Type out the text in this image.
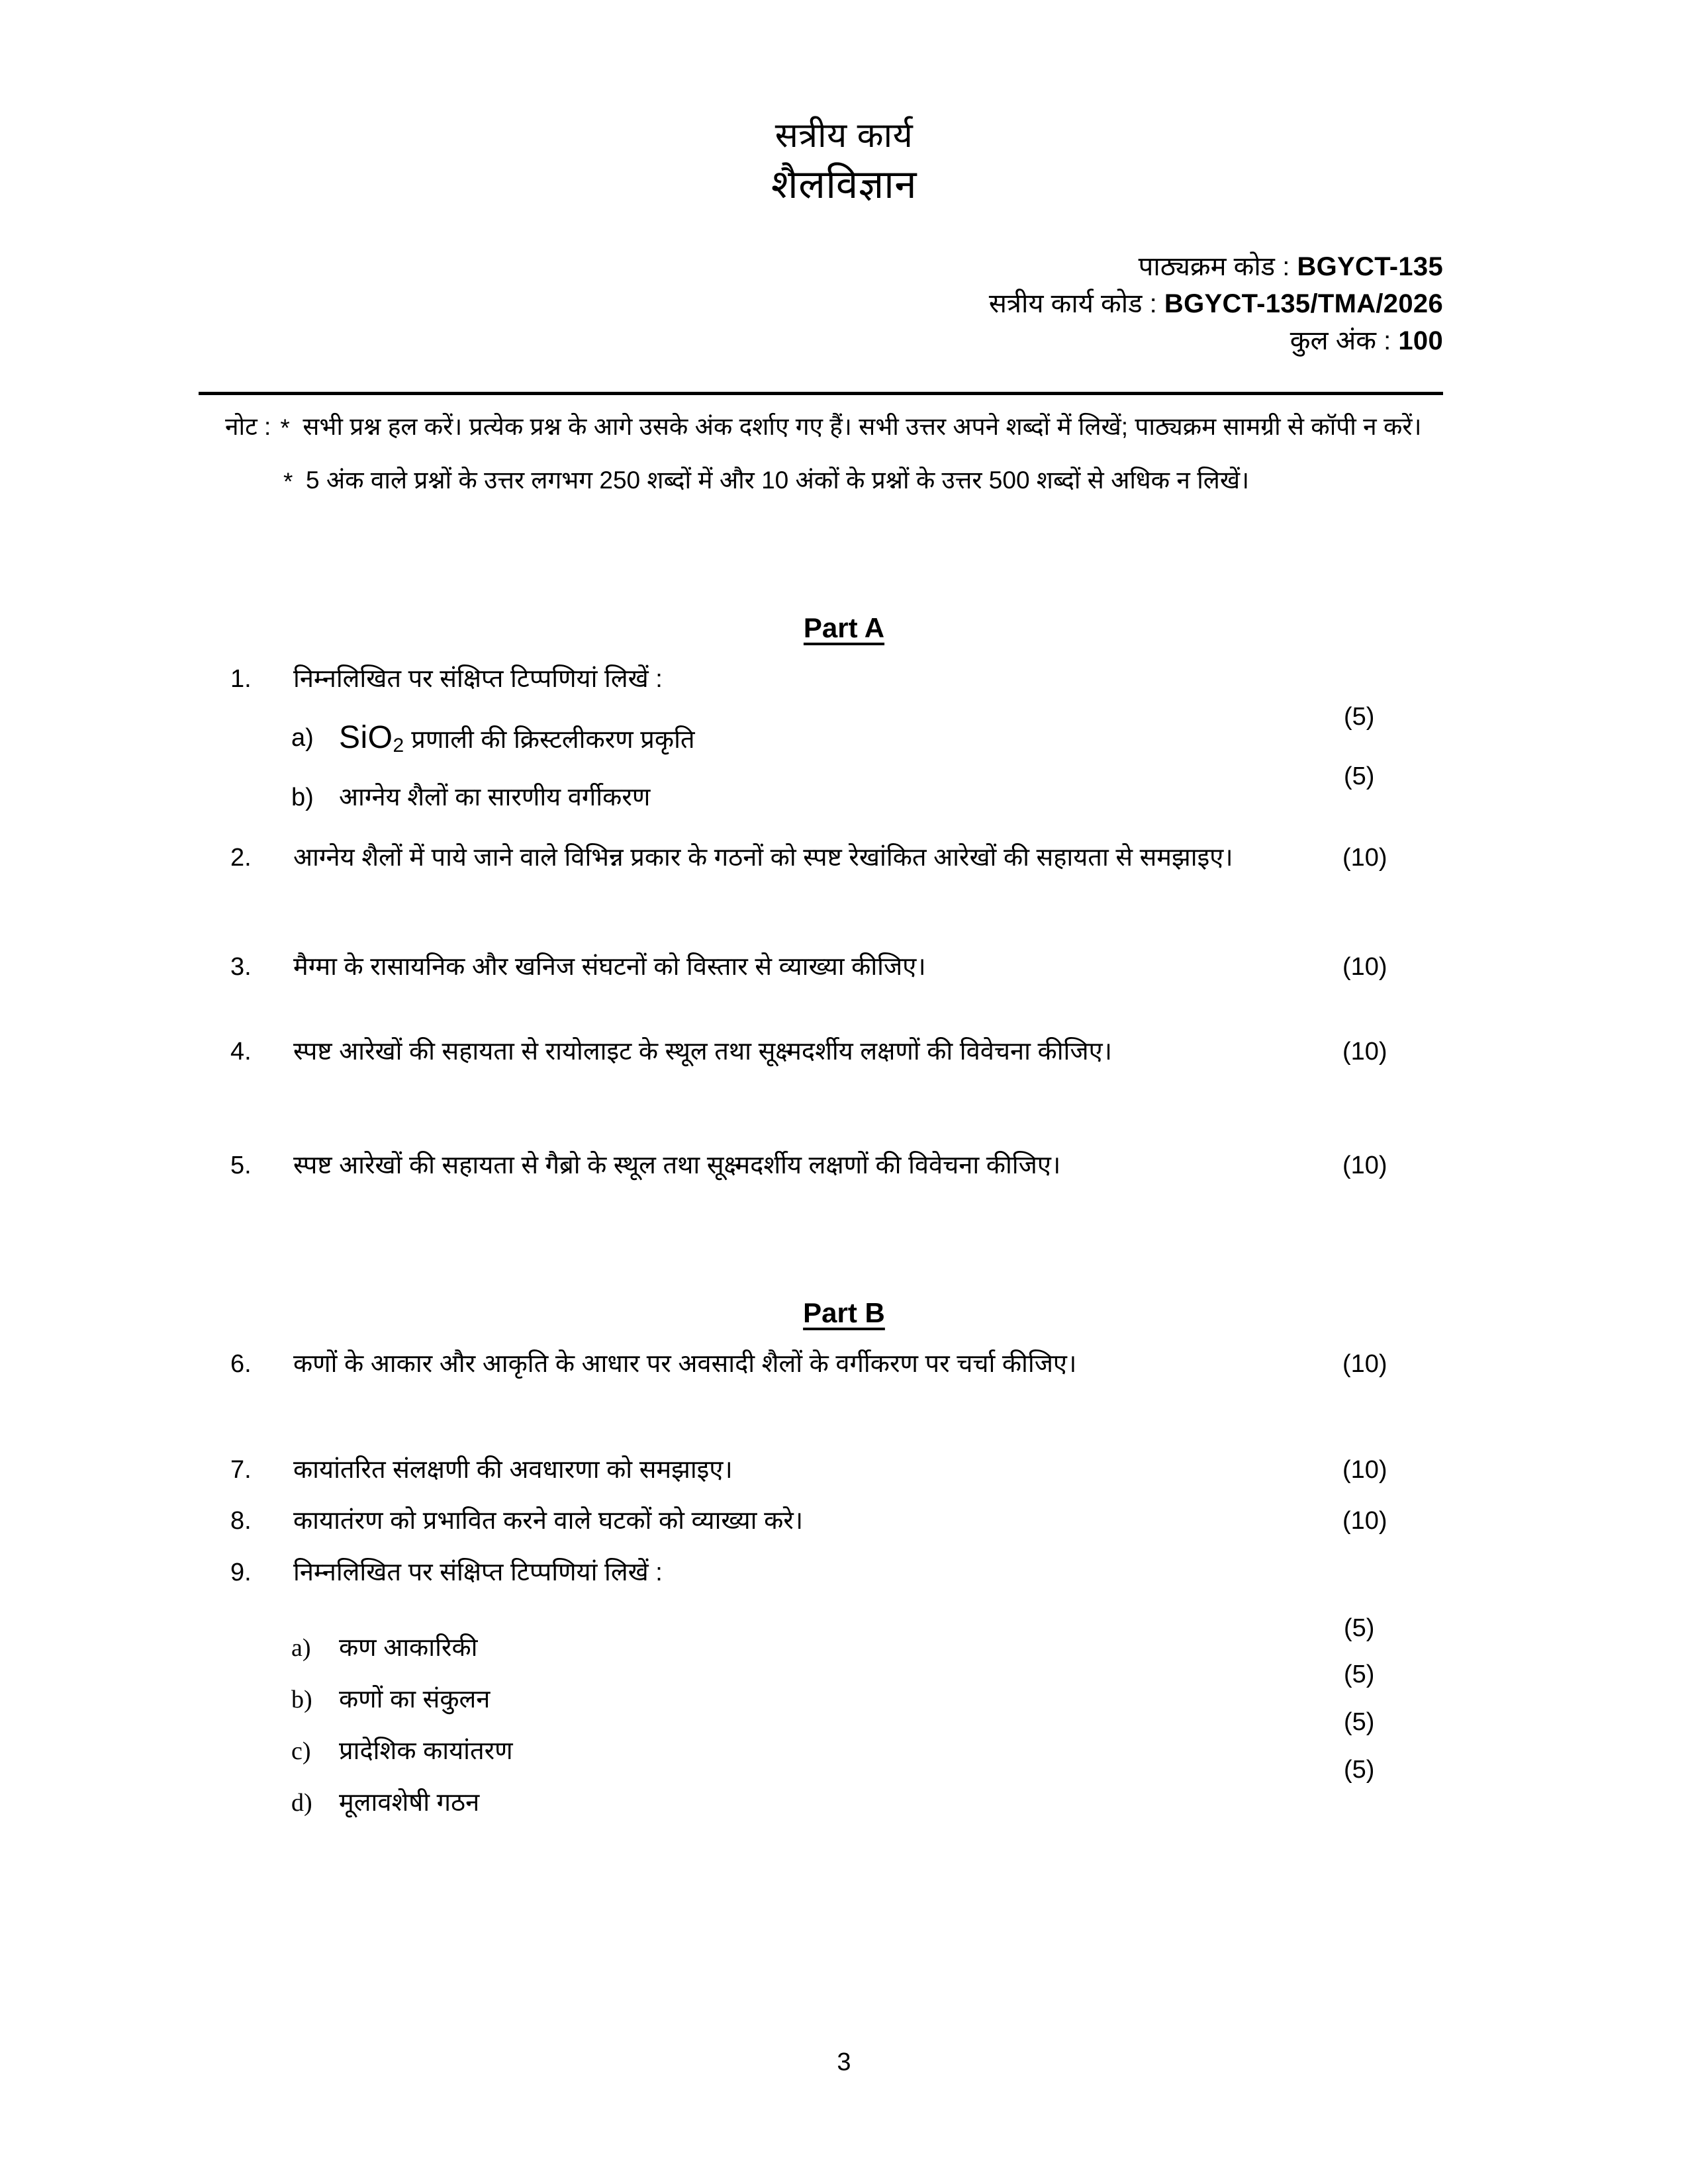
सत्रीय कार्य
शैलविज्ञान
पाठ्यक्रम कोड : BGYCT-135
सत्रीय कार्य कोड : BGYCT-135/TMA/2026
कुल अंक : 100
नोट : * सभी प्रश्न हल करें। प्रत्येक प्रश्न के आगे उसके अंक दर्शाए गए हैं। सभी उत्तर अपने शब्दों में लिखें; पाठ्यक्रम सामग्री से कॉपी न करें।
* 5 अंक वाले प्रश्नों के उत्तर लगभग 250 शब्दों में और 10 अंकों के प्रश्नों के उत्तर 500 शब्दों से अधिक न लिखें।
Part A
1.	निम्नलिखित पर संक्षिप्त टिप्पणियां लिखें :
a) SiO$_2$ प्रणाली की क्रिस्टलीकरण प्रकृति
(5)
b)	आग्नेय शैलों का सारणीय वर्गीकरण
(5)
2.	आग्नेय शैलों में पाये जाने वाले विभिन्न प्रकार के गठनों को स्पष्ट रेखांकित आरेखों की सहायता से समझाइए।	(10)
3.	मैग्मा के रासायनिक और खनिज संघटनों को विस्तार से व्याख्या कीजिए।	(10)
4.	स्पष्ट आरेखों की सहायता से रायोलाइट के स्थूल तथा सूक्ष्मदर्शीय लक्षणों की विवेचना कीजिए।	(10)
5.	स्पष्ट आरेखों की सहायता से गैब्रो के स्थूल तथा सूक्ष्मदर्शीय लक्षणों की विवेचना कीजिए।	(10)
Part B
6.	कणों के आकार और आकृति के आधार पर अवसादी शैलों के वर्गीकरण पर चर्चा कीजिए।	(10)
7.	कायांतरित संलक्षणी की अवधारणा को समझाइए।	(10)
8.	कायातंरण को प्रभावित करने वाले घटकों को व्याख्या करे।	(10)
9.	निम्नलिखित पर संक्षिप्त टिप्पणियां लिखें :
a)	कण आकारिकी
(5)
b)	कणों का संकुलन
(5)
c)	प्रादेशिक कायांतरण
(5)
d)	मूलावशेषी गठन
(5)
3
